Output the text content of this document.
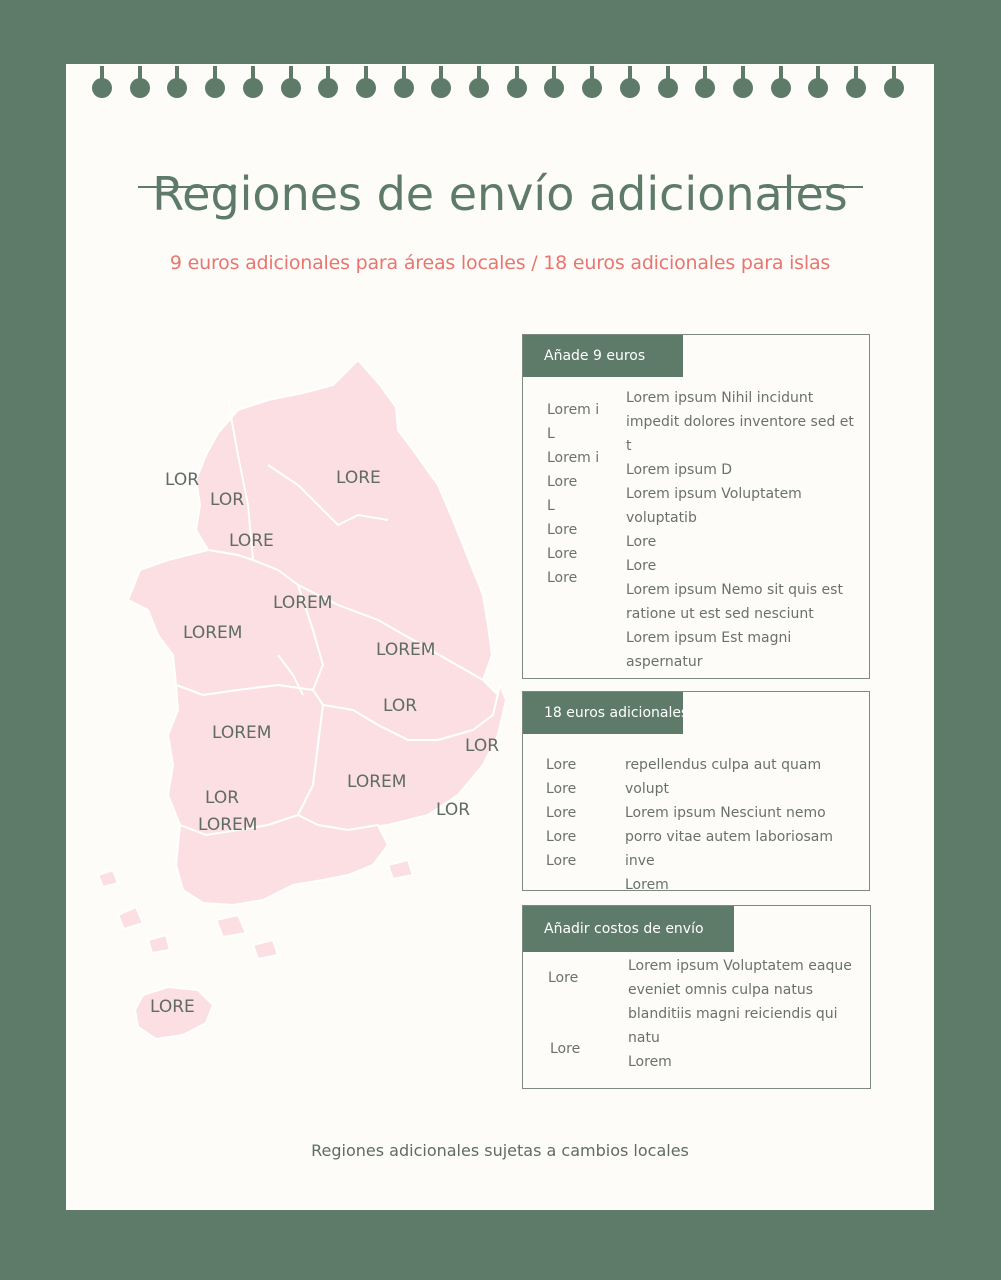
Regiones de envío adicionales
9 euros adicionales para áreas locales / 18 euros adicionales para islas
LOR
LOR
LORE
LORE
LOREM
LOREM
LOREM
LOR
LOREM
LOR
LOREM
LOR
LOR
LOREM
LORE
Añade 9 euros
Lorem i
L
Lorem i
Lore
L
Lore
Lore
Lore
Lorem ipsum Nihil incidunt impedit dolores inventore sed et t
Lorem ipsum D
Lorem ipsum Voluptatem voluptatib
Lore
Lore
Lorem ipsum Nemo sit quis est ratione ut est sed nesciunt
Lorem ipsum Est magni aspernatur
18 euros adicionales
Lore
Lore
Lore
Lore
Lore
repellendus culpa aut quam volupt
Lorem ipsum Nesciunt nemo porro vitae autem laboriosam inve
Lorem
Añadir costos de envío
Lore
Lore
Lorem ipsum Voluptatem eaque eveniet omnis culpa natus blanditiis magni reiciendis qui natu
Lorem
Regiones adicionales sujetas a cambios locales
